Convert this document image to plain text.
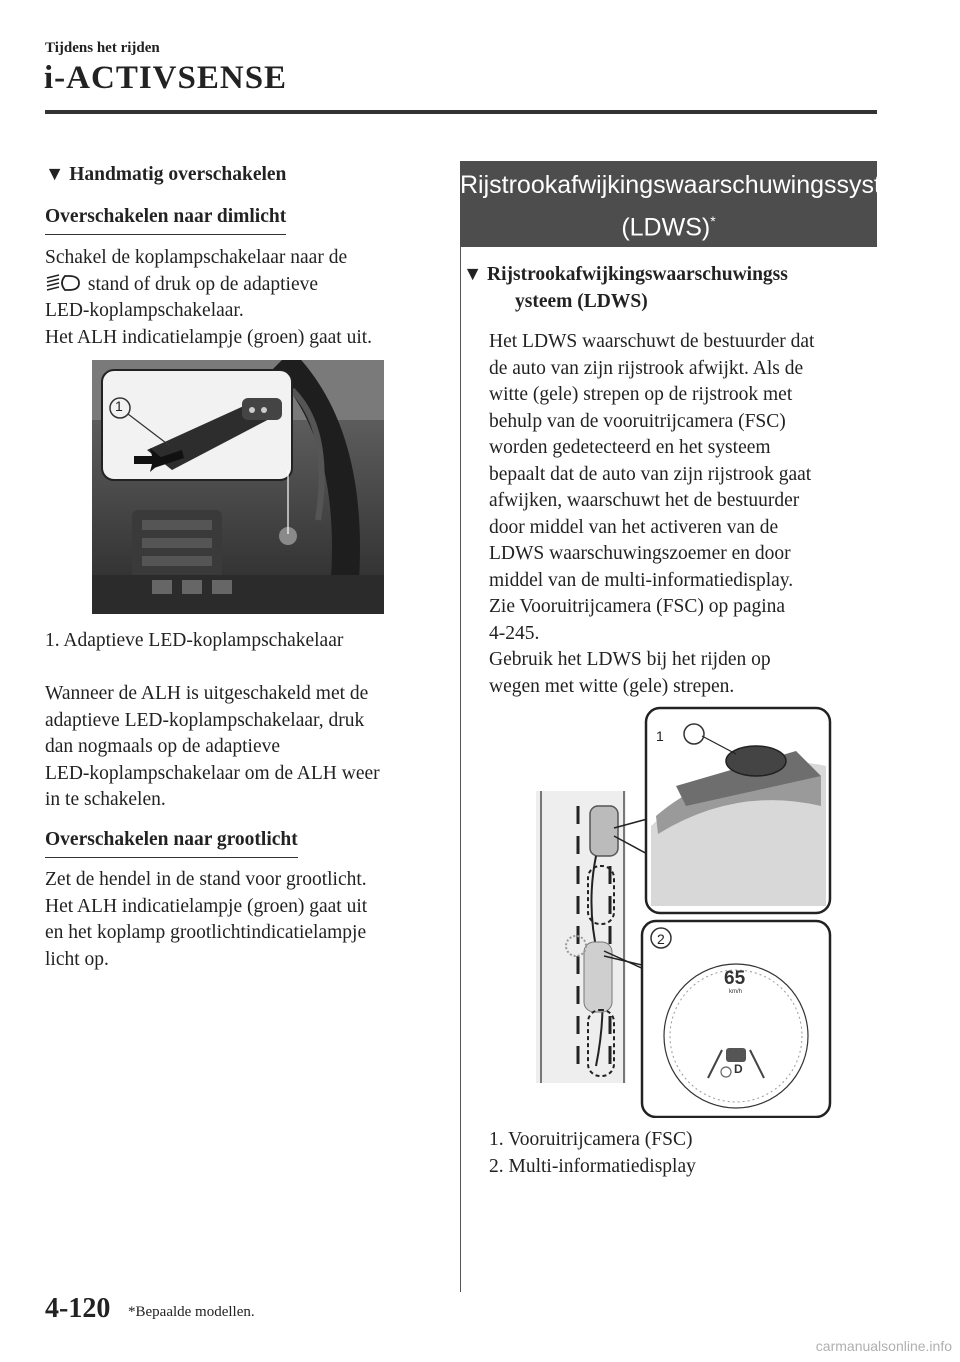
Tijdens het rijden
i-ACTIVSENSE
▼ Handmatig overschakelen
Overschakelen naar dimlicht

Schakel de koplampschakelaar naar de

stand of druk op de adaptieve

LED-koplampschakelaar.

Het ALH indicatielampje (groen) gaat uit.

1
1. Adaptieve LED-koplampschakelaar

Wanneer de ALH is uitgeschakeld met de

adaptieve LED-koplampschakelaar, druk

dan nogmaals op de adaptieve

LED-koplampschakelaar om de ALH weer

in te schakelen.

Overschakelen naar grootlicht

Zet de hendel in de stand voor grootlicht.

Het ALH indicatielampje (groen) gaat uit

en het koplamp grootlichtindicatielampje

licht op.

Rijstrookafwijkingswaarschuwingssysteem
(LDWS)*
▼ Rijstrookafwijkingswaarschuwingss
ysteem (LDWS)

Het LDWS waarschuwt de bestuurder dat

de auto van zijn rijstrook afwijkt. Als de

witte (gele) strepen op de rijstrook met

behulp van de vooruitrijcamera (FSC)

worden gedetecteerd en het systeem

bepaalt dat de auto van zijn rijstrook gaat

afwijken, waarschuwt het de bestuurder

door middel van het activeren van de

LDWS waarschuwingszoemer en door

middel van de multi-informatiedisplay.

Zie Vooruitrijcamera (FSC) op pagina

4-245.

Gebruik het LDWS bij het rijden op

wegen met witte (gele) strepen.

1
2
65
km/h
D

1. Vooruitrijcamera (FSC)

2. Multi-informatiedisplay

4-120 *Bepaalde modellen.
carmanualsonline.info
